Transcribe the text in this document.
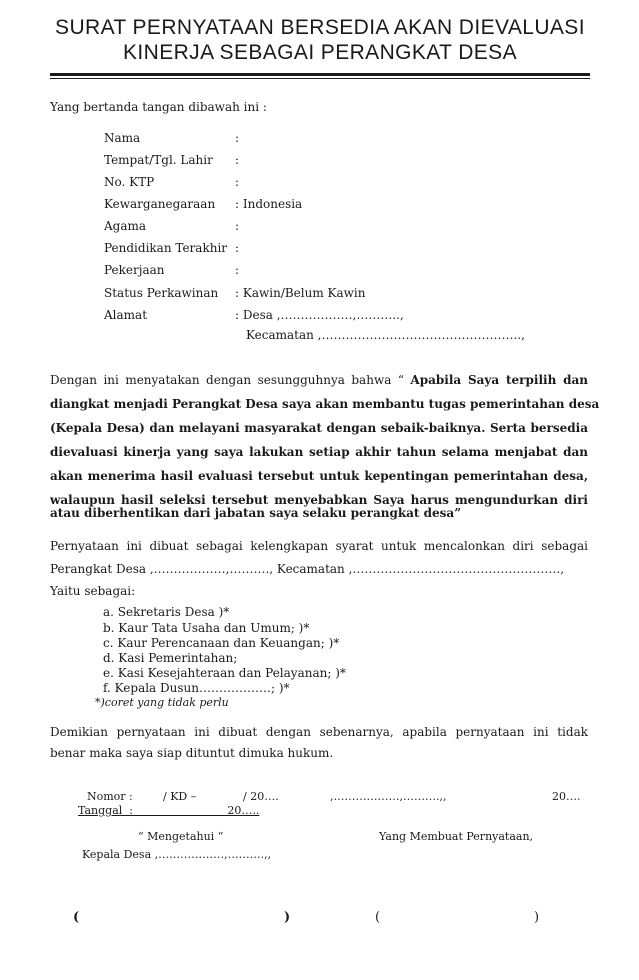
SURAT PERNYATAAN BERSEDIA AKAN DIEVALUASI
KINERJA SEBAGAI PERANGKAT DESA
Yang bertanda tangan dibawah ini :
Nama	:
Tempat/Tgl. Lahir :
No. KTP	:
Kewarganegaraan : Indonesia
Agama	:
Pendidikan Terakhir :
Pekerjaan	:
Status Perkawinan : Kawin/Belum Kawin
Alamat	: Desa ,………………,………..,
Kecamatan ,…………………………………………..,
Dengan ini menyatakan dengan sesungguhnya bahwa “ Apabila Saya terpilih dan
diangkat menjadi Perangkat Desa saya akan membantu tugas pemerintahan desa
(Kepala Desa) dan melayani masyarakat dengan sebaik-baiknya. Serta bersedia
dievaluasi kinerja yang saya lakukan setiap akhir tahun selama menjabat dan
akan menerima hasil evaluasi tersebut untuk kepentingan pemerintahan desa,
walaupun hasil seleksi tersebut menyebabkan Saya harus mengundurkan diri
atau diberhentikan dari jabatan saya selaku perangkat desa”
Pernyataan ini dibuat sebagai kelengkapan syarat untuk mencalonkan diri sebagai
Perangkat Desa ,………………,………., Kecamatan ,…………………………………………….,
Yaitu sebagai:
a. Sekretaris Desa )*
b. Kaur Tata Usaha dan Umum; )*
c. Kaur Perencanaan dan Keuangan; )*
d. Kasi Pemerintahan;
e. Kasi Kesejahteraan dan Pelayanan; )*
f. Kepala Dusun………………; )*
*)coret yang tidak perlu
Demikian pernyataan ini dibuat dengan sebenarnya, apabila pernyataan ini tidak
benar maka saya siap dituntut dimuka hukum.
Nomor :	/ KD –	/ 20….	,………………,……….,,	20….
Tanggal  :                           20…..
“ Mengetahui “
Kepala Desa ,………………,……….,,
Yang Membuat Pernyataan,
(	)	(	)
